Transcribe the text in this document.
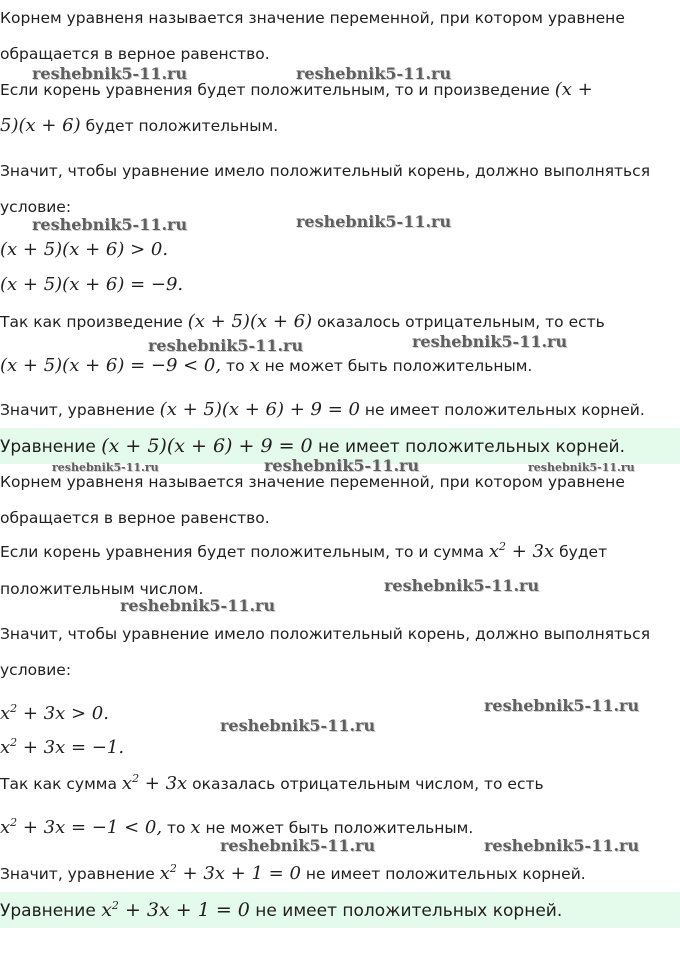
Корнем уравненя называется значение переменной, при котором уравнене
обращается в верное равенство.
Если корень уравнения будет положительным, то и произведение (x +
5)(x + 6) будет положительным.
Значит, чтобы уравнение имело положительный корень, должно выполняться
условие:
(x + 5)(x + 6) > 0.
(x + 5)(x + 6) = −9.
Так как произведение (x + 5)(x + 6) оказалось отрицательным, то есть
(x + 5)(x + 6) = −9 < 0, то x не может быть положительным.
Значит, уравнение (x + 5)(x + 6) + 9 = 0 не имеет положительных корней.
Уравнение (x + 5)(x + 6) + 9 = 0 не имеет положительных корней.
Корнем уравненя называется значение переменной, при котором уравнене
обращается в верное равенство.
Если корень уравнения будет положительным, то и сумма $x^2 + 3x$ будет
положительным числом.
Значит, чтобы уравнение имело положительный корень, должно выполняться
условие:
$x^2 + 3x > 0$.
$x^2 + 3x = -1$.
Так как сумма $x^2 + 3x$ оказалась отрицательным числом, то есть
$x^2 + 3x = -1 < 0$, то x не может быть положительным.
Значит, уравнение $x^2 + 3x + 1 = 0$ не имеет положительных корней.
Уравнение $x^2 + 3x + 1 = 0$ не имеет положительных корней.
reshebnik5-11.ru	reshebnik5-11.ru
reshebnik5-11.ru	reshebnik5-11.ru
reshebnik5-11.ru	reshebnik5-11.ru
reshebnik5-11.ru	reshebnik5-11.ru	reshebnik5-11.ru
reshebnik5-11.ru
reshebnik5-11.ru
reshebnik5-11.ru
reshebnik5-11.ru
reshebnik5-11.ru	reshebnik5-11.ru
